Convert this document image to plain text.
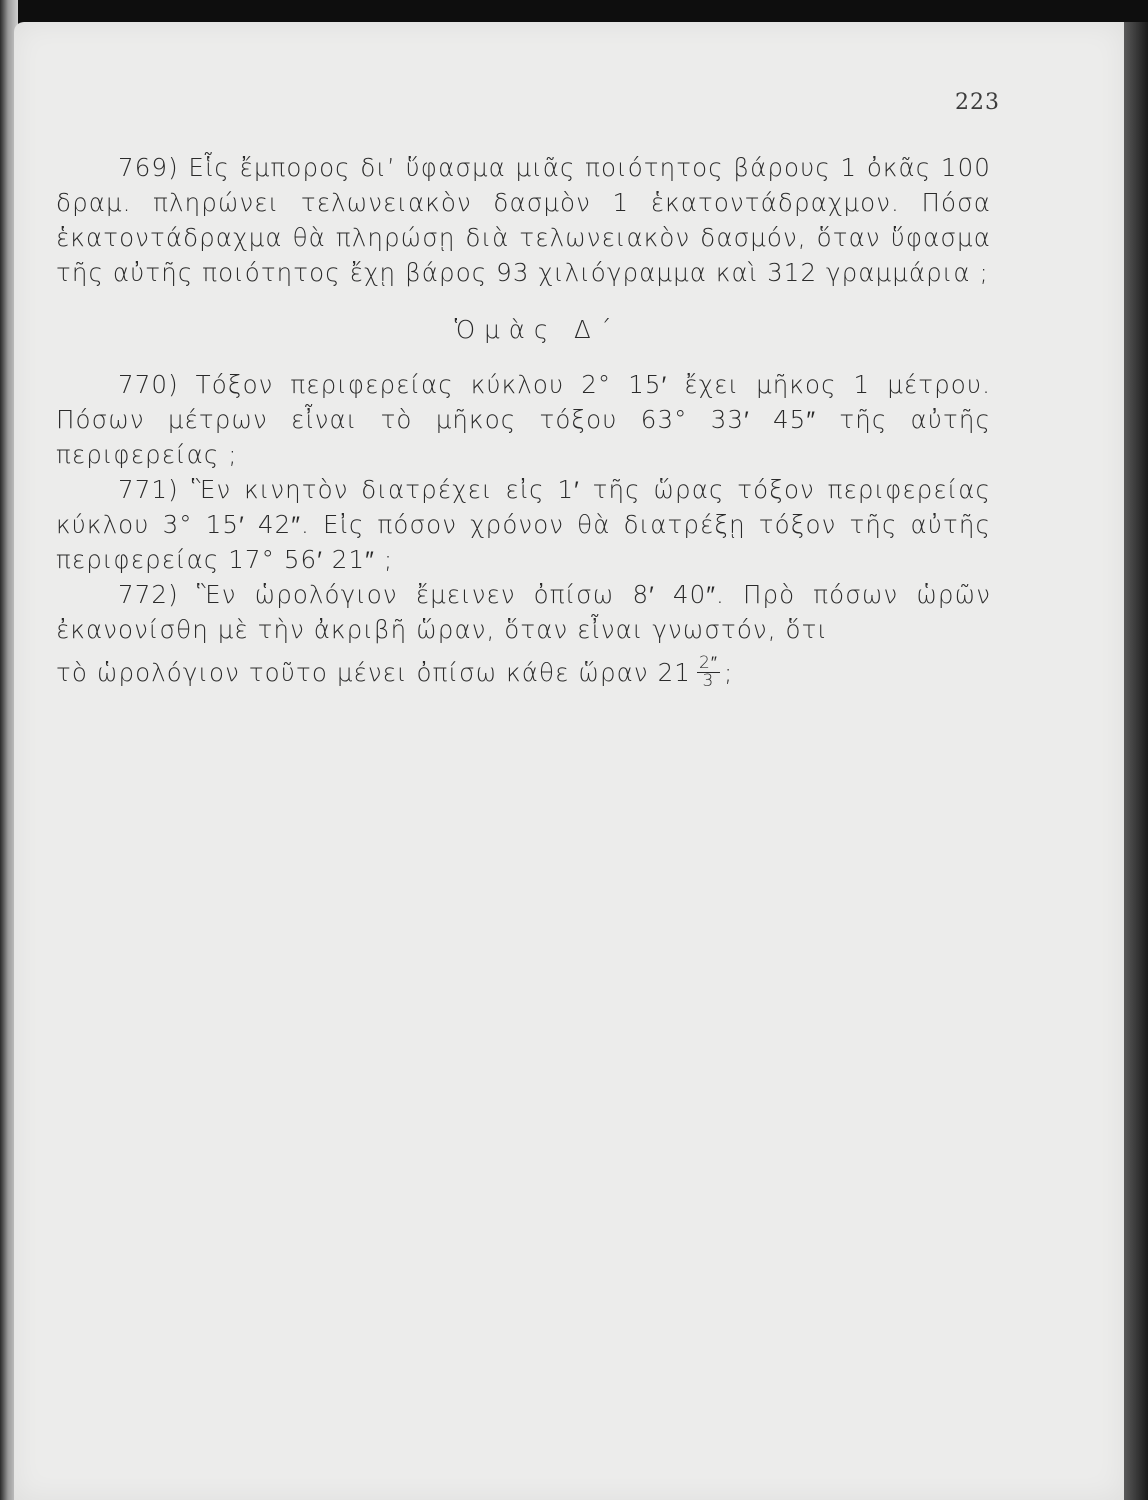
223

769) Εἷς ἔμπορος δι’ ὕφασμα μιᾶς ποιότητος βάρους 1 ὀκᾶς 100 δραμ. πληρώνει τελωνειακὸν δασμὸν 1 ἑκατοντάδραχμον. Πόσα ἑκατοντάδραχμα θὰ πληρώσῃ διὰ τελωνειακὸν δασμόν, ὅταν ὕφασμα τῆς αὐτῆς ποιότητος ἔχῃ βάρος 93 χιλιόγραμμα καὶ 312 γραμμάρια ;

Ὁμὰς Δ΄

770) Τόξον περιφερείας κύκλου 2° 15′ ἔχει μῆκος 1 μέτρου. Πόσων μέτρων εἶναι τὸ μῆκος τόξου 63° 33′ 45″ τῆς αὐτῆς περιφερείας ;

771) Ἓν κινητὸν διατρέχει εἰς 1′ τῆς ὥρας τόξον περιφερείας κύκλου 3° 15′ 42″. Εἰς πόσον χρόνον θὰ διατρέξῃ τόξον τῆς αὐτῆς περιφερείας 17° 56′ 21″ ;

772) Ἓν ὡρολόγιον ἔμεινεν ὀπίσω 8′ 40″. Πρὸ πόσων ὡρῶν ἐκανονίσθη μὲ τὴν ἀκριβῆ ὥραν, ὅταν εἶναι γνωστόν, ὅτι
τὸ ὡρολόγιον τοῦτο μένει ὀπίσω κάθε ὥραν $21 \frac{2''}{3}$ ;
